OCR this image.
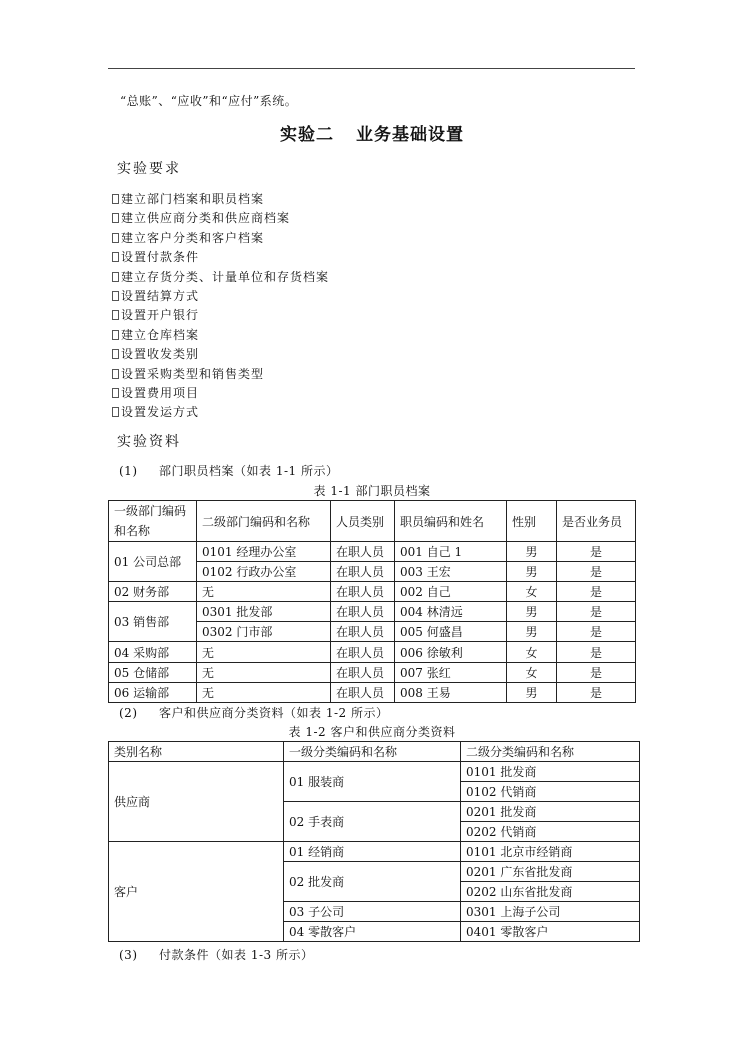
“总账”、“应收”和“应付”系统。
实验二 业务基础设置
实验要求
建立部门档案和职员档案
建立供应商分类和供应商档案
建立客户分类和客户档案
设置付款条件
建立存货分类、计量单位和存货档案
设置结算方式
设置开户银行
建立仓库档案
设置收发类别
设置采购类型和销售类型
设置费用项目
设置发运方式
实验资料
(1) 部门职员档案（如表 1-1 所示）
表 1-1 部门职员档案
一级部门编码和名称	二级部门编码和名称	人员类别	职员编码和姓名	性别	是否业务员
01 公司总部	0101 经理办公室	在职人员	001 自己 1	男	是
	0102 行政办公室	在职人员	003 王宏	男	是
02 财务部	无	在职人员	002 自己	女	是
03 销售部	0301 批发部	在职人员	004 林清远	男	是
	0302 门市部	在职人员	005 何盛昌	男	是
04 采购部	无	在职人员	006 徐敏利	女	是
05 仓储部	无	在职人员	007 张红	女	是
06 运输部	无	在职人员	008 王易	男	是
(2) 客户和供应商分类资料（如表 1-2 所示）
表 1-2 客户和供应商分类资料
类别名称	一级分类编码和名称	二级分类编码和名称
供应商	01 服装商	0101 批发商
		0102 代销商
	02 手表商	0201 批发商
		0202 代销商
客户	01 经销商	0101 北京市经销商
	02 批发商	0201 广东省批发商
		0202 山东省批发商
	03 子公司	0301 上海子公司
	04 零散客户	0401 零散客户
(3) 付款条件（如表 1-3 所示）
